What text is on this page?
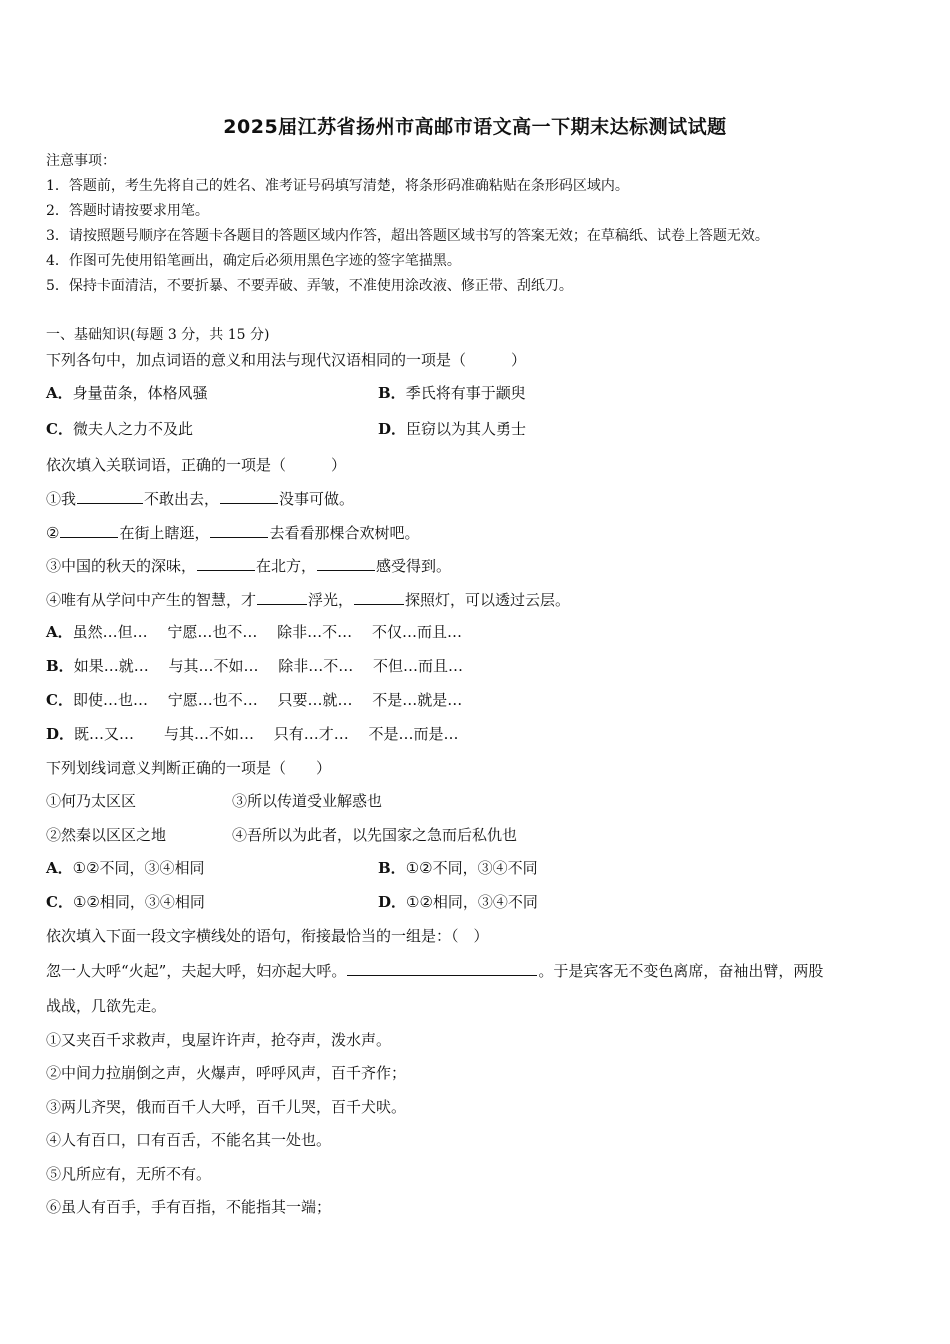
2025届江苏省扬州市高邮市语文高一下期末达标测试试题
注意事项：
1．答题前，考生先将自己的姓名、准考证号码填写清楚，将条形码准确粘贴在条形码区域内。
2．答题时请按要求用笔。
3．请按照题号顺序在答题卡各题目的答题区域内作答，超出答题区域书写的答案无效；在草稿纸、试卷上答题无效。
4．作图可先使用铅笔画出，确定后必须用黑色字迹的签字笔描黑。
5．保持卡面清洁，不要折暴、不要弄破、弄皱，不准使用涂改液、修正带、刮纸刀。
一、基础知识(每题 3 分，共 15 分)
下列各句中，加点词语的意义和用法与现代汉语相同的一项是（　　　）
A．身量苗条，体格风骚	B．季氏将有事于颛臾
C．微夫人之力不及此	D．臣窃以为其人勇士
依次填入关联词语，正确的一项是（　　　）
①我	不敢出去，	没事可做。
②	在街上瞎逛，	去看看那棵合欢树吧。
③中国的秋天的深味，	在北方，	感受得到。
④唯有从学问中产生的智慧，才	浮光，	探照灯，可以透过云层。
A．虽然…但…　 宁愿…也不…　 除非…不…　 不仅…而且…
B．如果…就…　 与其…不如…　 除非…不…　 不但…而且…
C．即使…也…　 宁愿…也不…　 只要…就…　 不是…就是…
D．既…又…　　与其…不如…　 只有…才…　 不是…而是…
下列划线词意义判断正确的一项是（　　）
①何乃太区区	③所以传道受业解惑也
②然秦以区区之地	④吾所以为此者，以先国家之急而后私仇也
A．①②不同，③④相同	B．①②不同，③④不同
C．①②相同，③④相同	D．①②相同，③④不同
依次填入下面一段文字横线处的语句，衔接最恰当的一组是：（　）
忽一人大呼“火起”，夫起大呼，妇亦起大呼。	。于是宾客无不变色离席，奋袖出臂，两股
战战，几欲先走。
①又夹百千求救声，曳屋许许声，抢夺声，泼水声。
②中间力拉崩倒之声，火爆声，呼呼风声，百千齐作；
③两儿齐哭，俄而百千人大呼，百千儿哭，百千犬吠。
④人有百口，口有百舌，不能名其一处也。
⑤凡所应有，无所不有。
⑥虽人有百手，手有百指，不能指其一端；
